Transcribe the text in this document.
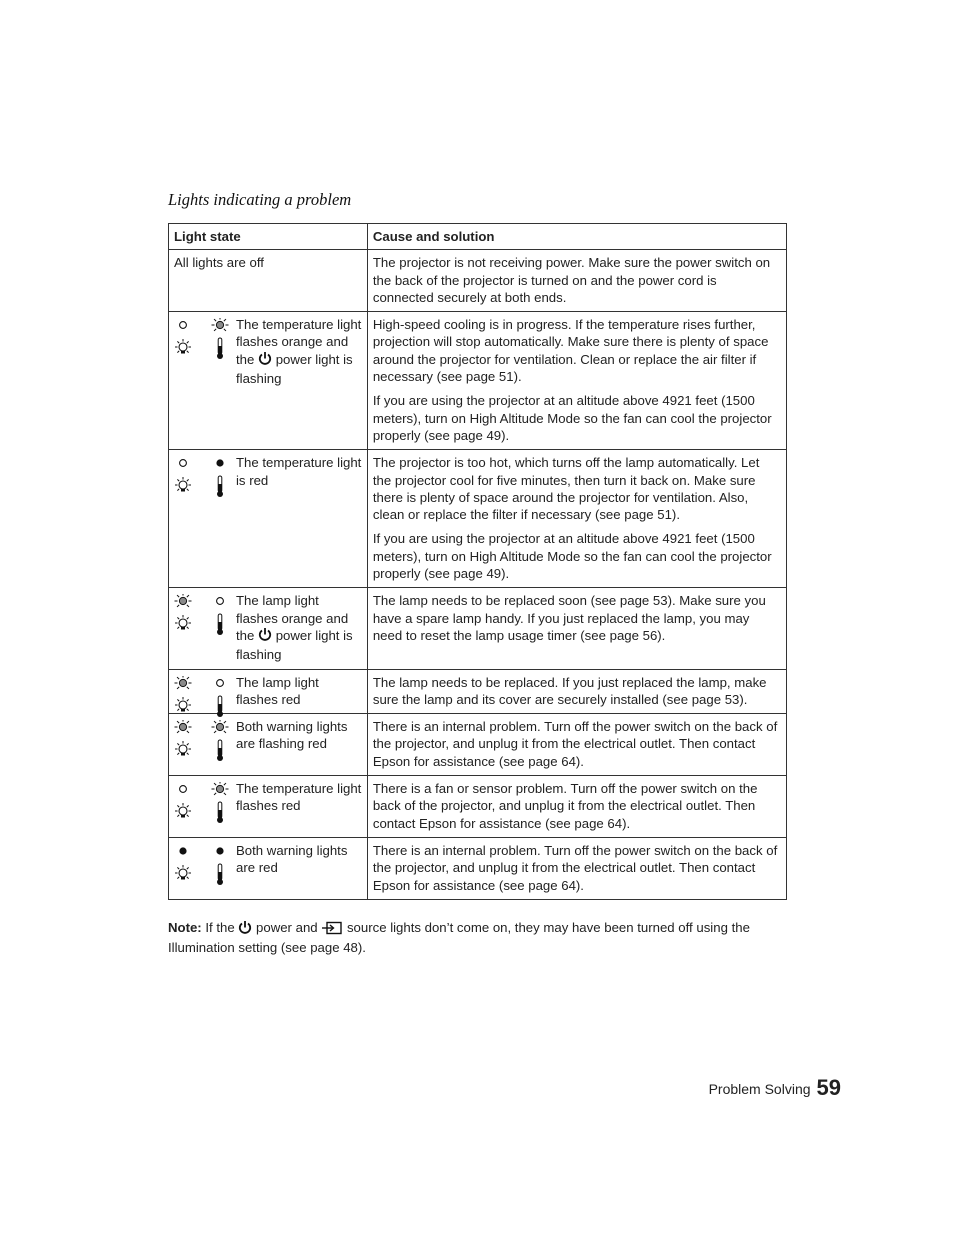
Lights indicating a problem
Light state	Cause and solution

All lights are off	The projector is not receiving power. Make sure the power switch on the back of the projector is turned on and the power cord is connected securely at both ends.

The temperature light flashes orange and the power light is flashing	High-speed cooling is in progress. If the temperature rises further, projection will stop automatically. Make sure there is plenty of space around the projector for ventilation. Clean or replace the air filter if necessary (see page 51).

If you are using the projector at an altitude above 4921 feet (1500 meters), turn on High Altitude Mode so the fan can cool the projector properly (see page 49).

The temperature light is red	The projector is too hot, which turns off the lamp automatically. Let the projector cool for five minutes, then turn it back on. Make sure there is plenty of space around the projector for ventilation. Also, clean or replace the filter if necessary (see page 51).

If you are using the projector at an altitude above 4921 feet (1500 meters), turn on High Altitude Mode so the fan can cool the projector properly (see page 49).

The lamp light flashes orange and the power light is flashing	The lamp needs to be replaced soon (see page 53). Make sure you have a spare lamp handy. If you just replaced the lamp, you may need to reset the lamp usage timer (see page 56).

The lamp light flashes red	The lamp needs to be replaced. If you just replaced the lamp, make sure the lamp and its cover are securely installed (see page 53).

Both warning lights are flashing red	There is an internal problem. Turn off the power switch on the back of the projector, and unplug it from the electrical outlet. Then contact Epson for assistance (see page 64).

The temperature light flashes red	There is a fan or sensor problem. Turn off the power switch on the back of the projector, and unplug it from the electrical outlet. Then contact Epson for assistance (see page 64).

Both warning lights are red	There is an internal problem. Turn off the power switch on the back of the projector, and unplug it from the electrical outlet. Then contact Epson for assistance (see page 64).

Note: If the  power and  source lights don’t come on, they may have been turned off using the Illumination setting (see page 48).
Problem Solving 59
